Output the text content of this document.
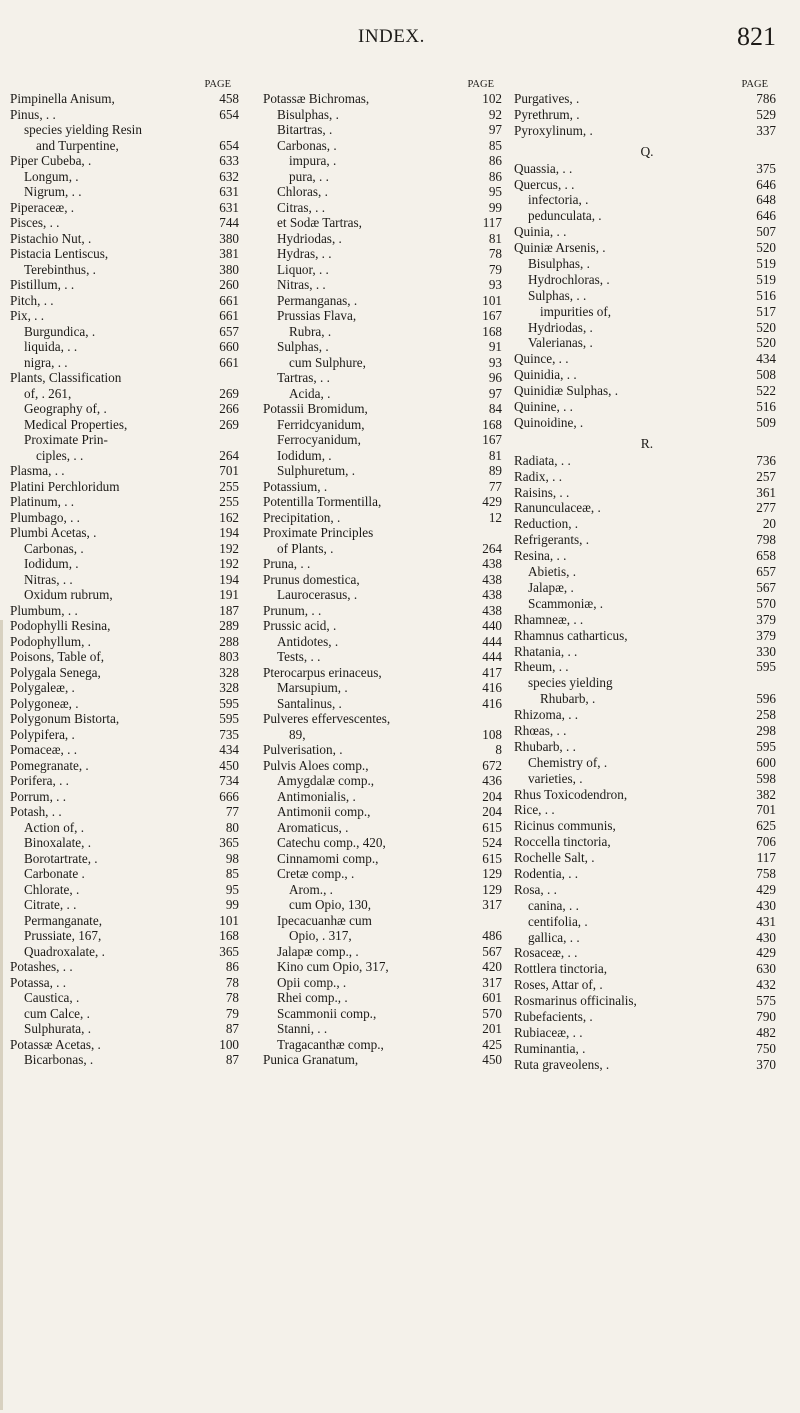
INDEX.	821
PAGE
Pimpinella Anisum,	458
Pinus, . .	654
species yielding Resin
and Turpentine,	654
Piper Cubeba, .	633
Longum, .	632
Nigrum, . .	631
Piperaceæ, .	631
Pisces, . .	744
Pistachio Nut, .	380
Pistacia Lentiscus,	381
Terebinthus, .	380
Pistillum, . .	260
Pitch, . .	661
Pix, . .	661
Burgundica, .	657
liquida, . .	660
nigra, . .	661
Plants, Classification
of, . 261,	269
Geography of, .	266
Medical Properties,	269
Proximate Prin-
ciples, . .	264
Plasma, . .	701
Platini Perchloridum	255
Platinum, . .	255
Plumbago, . .	162
Plumbi Acetas, .	194
Carbonas, .	192
Iodidum, .	192
Nitras, . .	194
Oxidum rubrum,	191
Plumbum, . .	187
Podophylli Resina,	289
Podophyllum, .	288
Poisons, Table of,	803
Polygala Senega,	328
Polygaleæ, .	328
Polygoneæ, .	595
Polygonum Bistorta,	595
Polypifera, .	735
Pomaceæ, . .	434
Pomegranate, .	450
Porifera, . .	734
Porrum, . .	666
Potash, . .	77
Action of, .	80
Binoxalate, .	365
Borotartrate, .	98
Carbonate .	85
Chlorate, .	95
Citrate, . .	99
Permanganate,	101
Prussiate, 167,	168
Quadroxalate, .	365
Potashes, . .	86
Potassa, . .	78
Caustica, .	78
cum Calce, .	79
Sulphurata, .	87
Potassæ Acetas, .	100
Bicarbonas, .	87
PAGE
Potassæ Bichromas,	102
Bisulphas, .	92
Bitartras, .	97
Carbonas, .	85
impura, .	86
pura, . .	86
Chloras, .	95
Citras, . .	99
et Sodæ Tartras,	117
Hydriodas, .	81
Hydras, . .	78
Liquor, . .	79
Nitras, . .	93
Permanganas, .	101
Prussias Flava,	167
Rubra, .	168
Sulphas, .	91
cum Sulphure,	93
Tartras, . .	96
Acida, .	97
Potassii Bromidum,	84
Ferridcyanidum,	168
Ferrocyanidum,	167
Iodidum, .	81
Sulphuretum, .	89
Potassium, .	77
Potentilla Tormentilla,	429
Precipitation, .	12
Proximate Principles
of Plants, .	264
Pruna, . .	438
Prunus domestica,	438
Laurocerasus, .	438
Prunum, . .	438
Prussic acid, .	440
Antidotes, .	444
Tests, . .	444
Pterocarpus erinaceus,	417
Marsupium, .	416
Santalinus, .	416
Pulveres effervescentes,
89,	108
Pulverisation, .	8
Pulvis Aloes comp.,	672
Amygdalæ comp.,	436
Antimonialis, .	204
Antimonii comp.,	204
Aromaticus, .	615
Catechu comp., 420,	524
Cinnamomi comp.,	615
Cretæ comp., .	129
Arom., .	129
cum Opio, 130,	317
Ipecacuanhæ cum
Opio, . 317,	486
Jalapæ comp., .	567
Kino cum Opio, 317,	420
Opii comp., .	317
Rhei comp., .	601
Scammonii comp.,	570
Stanni, . .	201
Tragacanthæ comp.,	425
Punica Granatum,	450
PAGE
Purgatives, .	786
Pyrethrum, .	529
Pyroxylinum, .	337
Q.
Quassia, . .	375
Quercus, . .	646
infectoria, .	648
pedunculata, .	646
Quinia, . .	507
Quiniæ Arsenis, .	520
Bisulphas, .	519
Hydrochloras, .	519
Sulphas, . .	516
impurities of,	517
Hydriodas, .	520
Valerianas, .	520
Quince, . .	434
Quinidia, . .	508
Quinidiæ Sulphas, .	522
Quinine, . .	516
Quinoidine, .	509
R.
Radiata, . .	736
Radix, . .	257
Raisins, . .	361
Ranunculaceæ, .	277
Reduction, .	20
Refrigerants, .	798
Resina, . .	658
Abietis, .	657
Jalapæ, .	567
Scammoniæ, .	570
Rhamneæ, . .	379
Rhamnus catharticus,	379
Rhatania, . .	330
Rheum, . .	595
species yielding
Rhubarb, .	596
Rhizoma, . .	258
Rhœas, . .	298
Rhubarb, . .	595
Chemistry of, .	600
varieties, .	598
Rhus Toxicodendron,	382
Rice, . .	701
Ricinus communis,	625
Roccella tinctoria,	706
Rochelle Salt, .	117
Rodentia, . .	758
Rosa, . .	429
canina, . .	430
centifolia, .	431
gallica, . .	430
Rosaceæ, . .	429
Rottlera tinctoria,	630
Roses, Attar of, .	432
Rosmarinus officinalis,	575
Rubefacients, .	790
Rubiaceæ, . .	482
Ruminantia, .	750
Ruta graveolens, .	370
